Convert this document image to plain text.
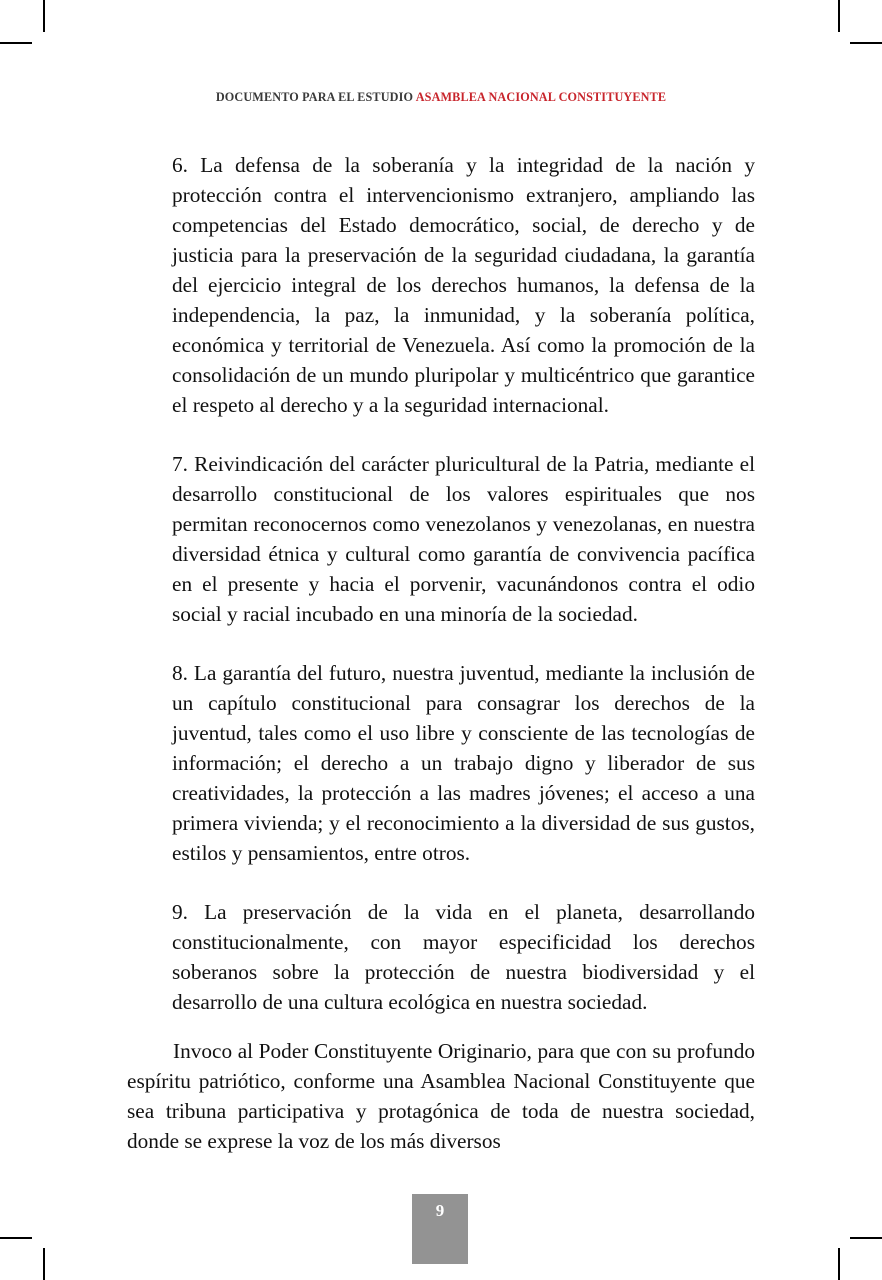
DOCUMENTO PARA EL ESTUDIO ASAMBLEA NACIONAL CONSTITUYENTE

6. La defensa de la soberanía y la integridad de la nación y protección contra el intervencionismo extranjero, ampliando las competencias del Estado democrático, social, de derecho y de justicia para la preservación de la seguridad ciudadana, la garantía del ejercicio integral de los derechos humanos, la defensa de la independencia, la paz, la inmunidad, y la soberanía política, económica y territorial de Venezuela. Así como la promoción de la consolidación de un mundo pluripolar y multicéntrico que garantice el respeto al derecho y a la seguridad internacional.

7. Reivindicación del carácter pluricultural de la Patria, mediante el desarrollo constitucional de los valores espirituales que nos permitan reconocernos como venezolanos y venezolanas, en nuestra diversidad étnica y cultural como garantía de convivencia pacífica en el presente y hacia el porvenir, vacunándonos contra el odio social y racial incubado en una minoría de la sociedad.

8. La garantía del futuro, nuestra juventud, mediante la inclusión de un capítulo constitucional para consagrar los derechos de la juventud, tales como el uso libre y consciente de las tecnologías de información; el derecho a un trabajo digno y liberador de sus creatividades, la protección a las madres jóvenes; el acceso a una primera vivienda; y el reconocimiento a la diversidad de sus gustos, estilos y pensamientos, entre otros.

9. La preservación de la vida en el planeta, desarrollando constitucionalmente, con mayor especificidad los derechos soberanos sobre la protección de nuestra biodiversidad y el desarrollo de una cultura ecológica en nuestra sociedad.

Invoco al Poder Constituyente Originario, para que con su profundo espíritu patriótico, conforme una Asamblea Nacional Constituyente que sea tribuna participativa y protagónica de toda de nuestra sociedad, donde se exprese la voz de los más diversos

9
